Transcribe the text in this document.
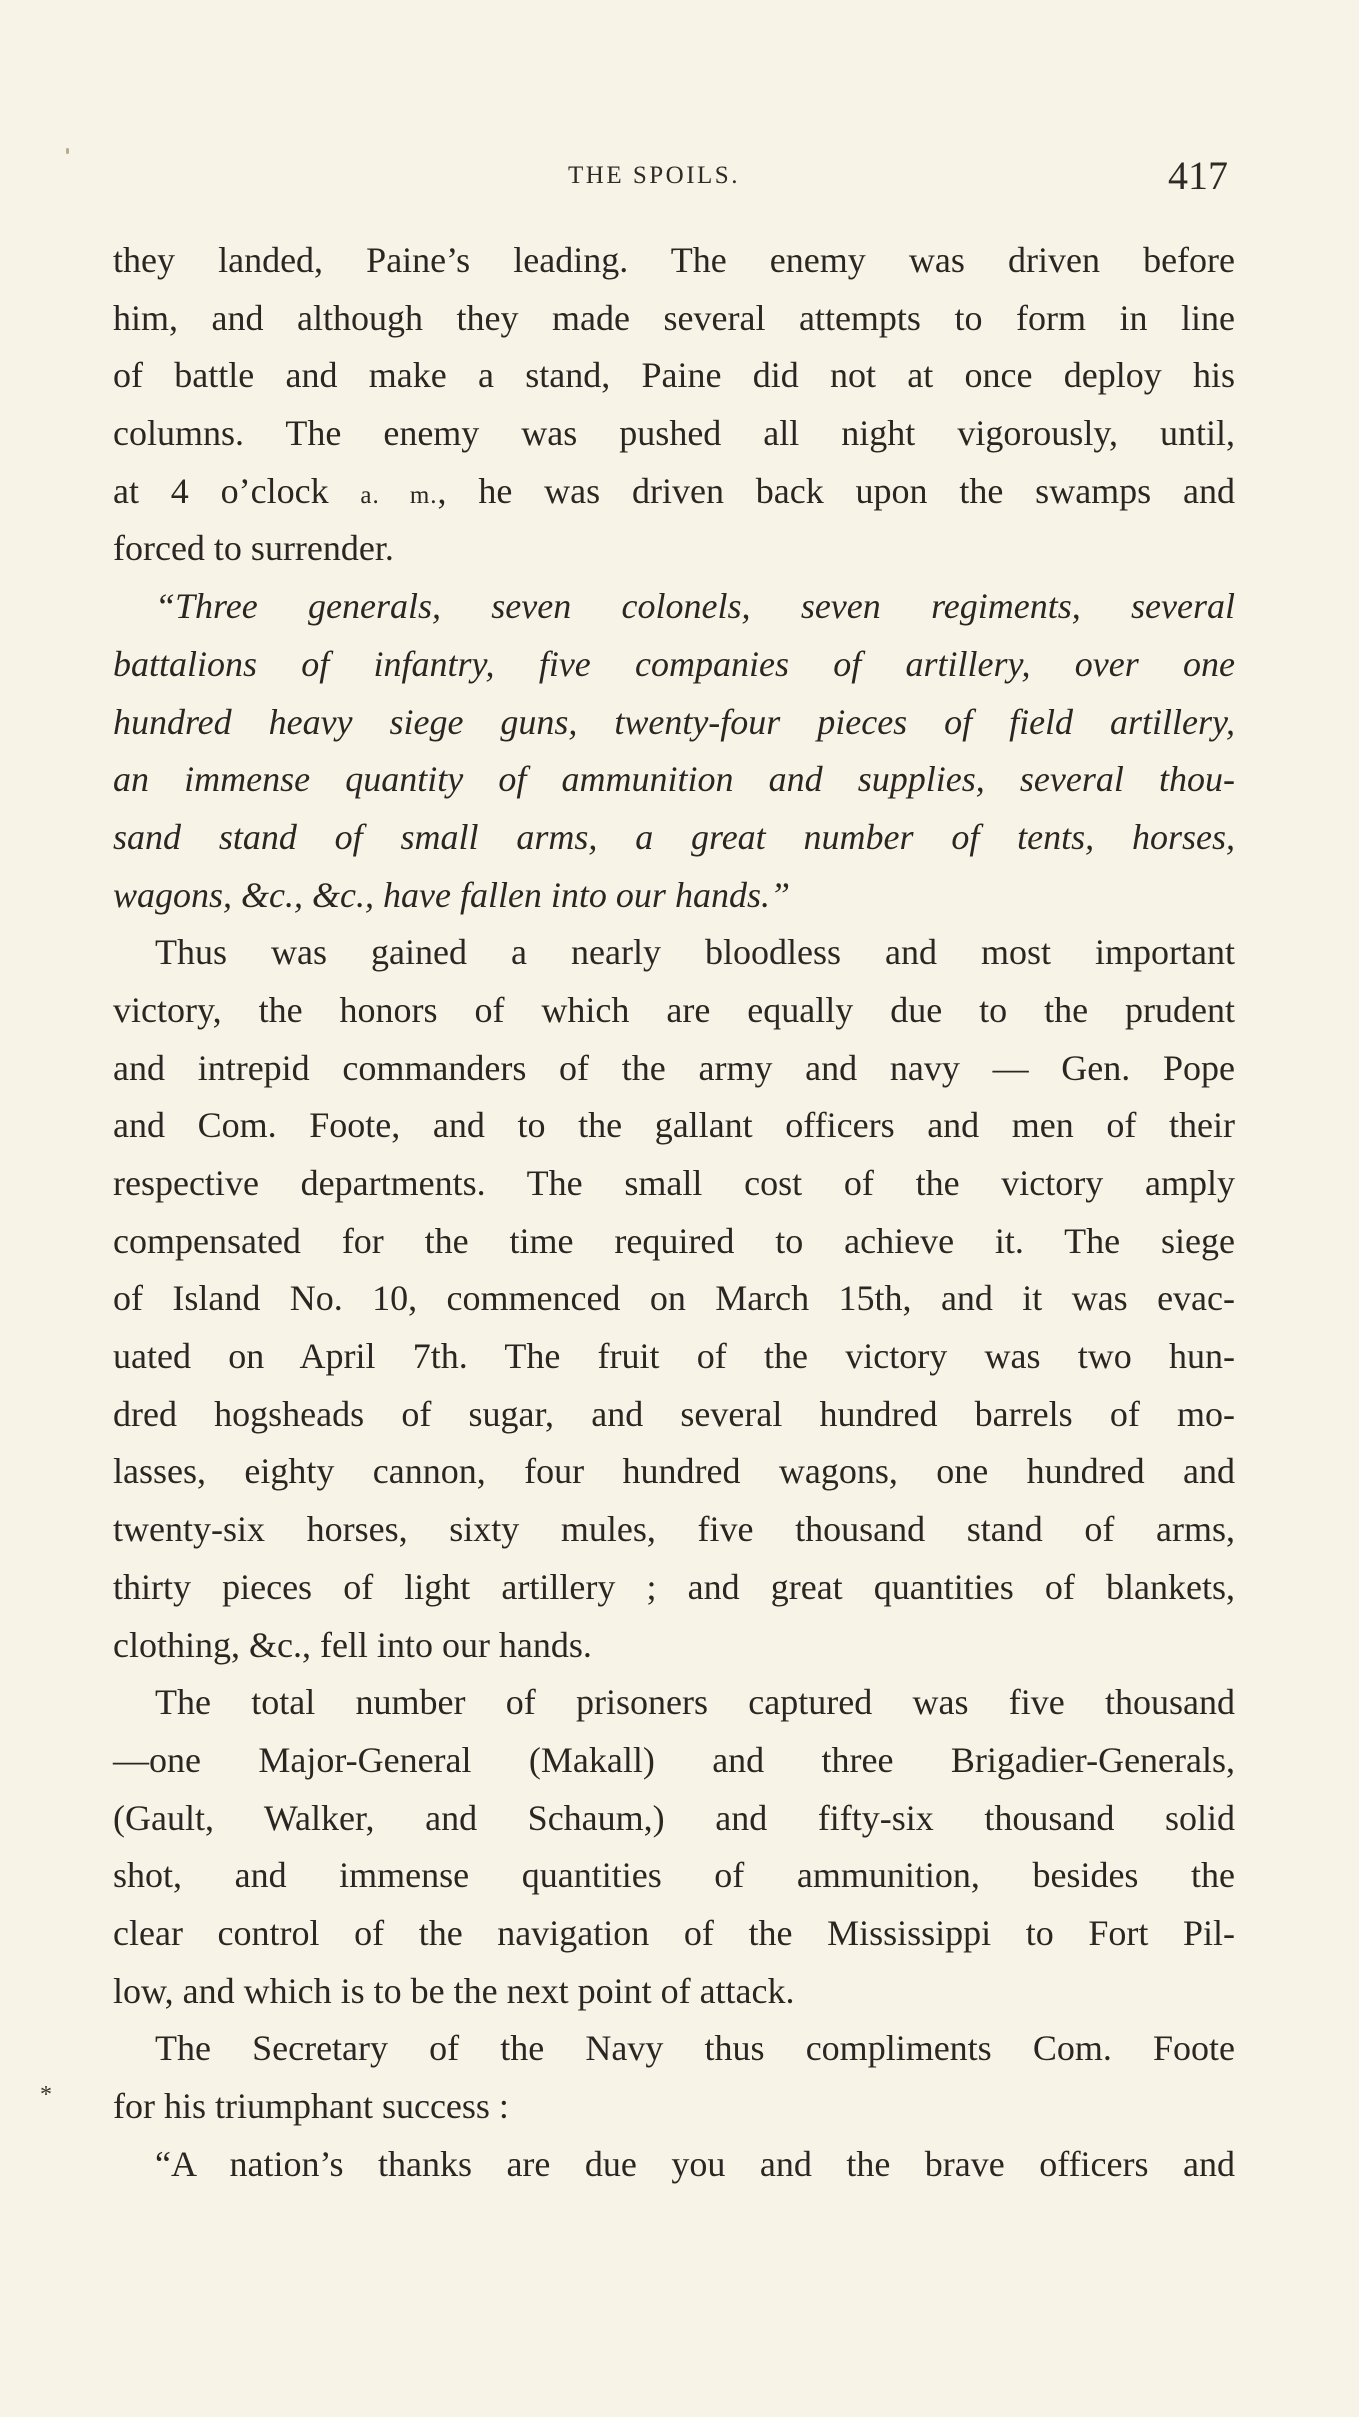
THE SPOILS.	417
they landed, Paine’s leading. The enemy was driven before
him, and although they made several attempts to form in line
of battle and make a stand, Paine did not at once deploy his
columns. The enemy was pushed all night vigorously, until,
at 4 o’clock a. m., he was driven back upon the swamps and
forced to surrender.
“Three generals, seven colonels, seven regiments, several
battalions of infantry, five companies of artillery, over one
hundred heavy siege guns, twenty-four pieces of field artillery,
an immense quantity of ammunition and supplies, several thou-
sand stand of small arms, a great number of tents, horses,
wagons, &c., &c., have fallen into our hands.”
Thus was gained a nearly bloodless and most important
victory, the honors of which are equally due to the prudent
and intrepid commanders of the army and navy — Gen. Pope
and Com. Foote, and to the gallant officers and men of their
respective departments. The small cost of the victory amply
compensated for the time required to achieve it. The siege
of Island No. 10, commenced on March 15th, and it was evac-
uated on April 7th. The fruit of the victory was two hun-
dred hogsheads of sugar, and several hundred barrels of mo-
lasses, eighty cannon, four hundred wagons, one hundred and
twenty-six horses, sixty mules, five thousand stand of arms,
thirty pieces of light artillery ; and great quantities of blankets,
clothing, &c., fell into our hands.
The total number of prisoners captured was five thousand
—one Major-General (Makall) and three Brigadier-Generals,
(Gault, Walker, and Schaum,) and fifty-six thousand solid
shot, and immense quantities of ammunition, besides the
clear control of the navigation of the Mississippi to Fort Pil-
low, and which is to be the next point of attack.
The Secretary of the Navy thus compliments Com. Foote
for his triumphant success :
“A nation’s thanks are due you and the brave officers and
*
